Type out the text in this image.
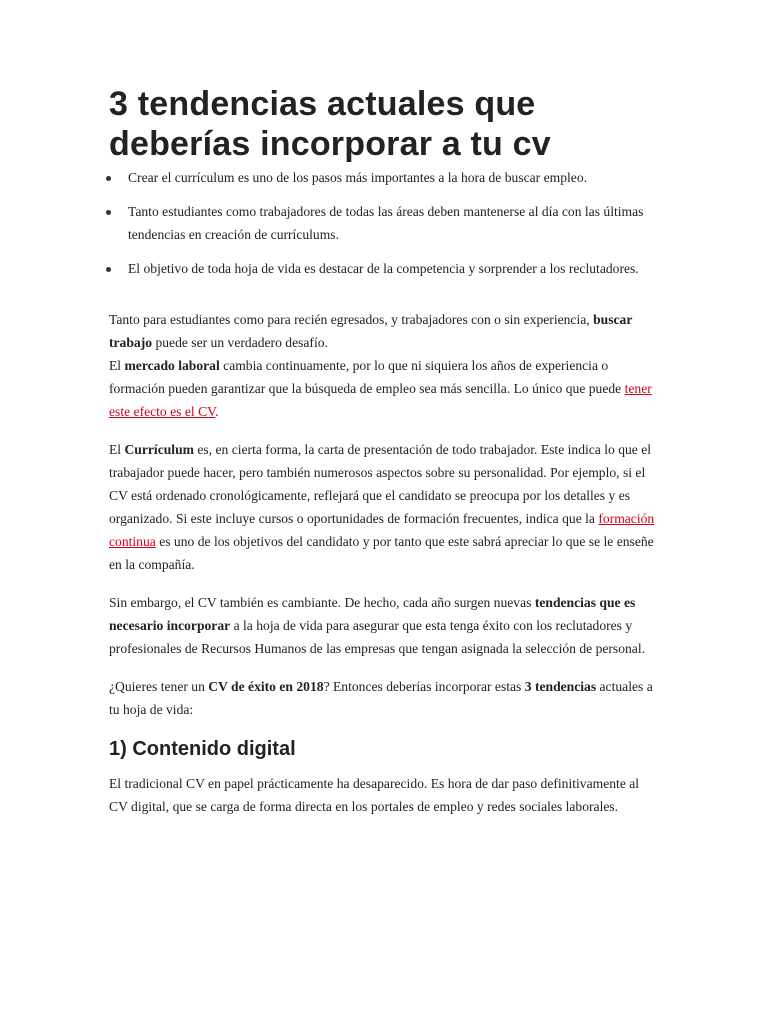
3 tendencias actuales que deberías incorporar a tu cv
Crear el currículum es uno de los pasos más importantes a la hora de buscar empleo.
Tanto estudiantes como trabajadores de todas las áreas deben mantenerse al día con las últimas tendencias en creación de currículums.
El objetivo de toda hoja de vida es destacar de la competencia y sorprender a los reclutadores.

Tanto para estudiantes como para recién egresados, y trabajadores con o sin experiencia, buscar trabajo puede ser un verdadero desafío.
El mercado laboral cambia continuamente, por lo que ni siquiera los años de experiencia o formación pueden garantizar que la búsqueda de empleo sea más sencilla. Lo único que puede tener este efecto es el CV.

El Currículum es, en cierta forma, la carta de presentación de todo trabajador. Este indica lo que el trabajador puede hacer, pero también numerosos aspectos sobre su personalidad. Por ejemplo, si el CV está ordenado cronológicamente, reflejará que el candidato se preocupa por los detalles y es organizado. Si este incluye cursos o oportunidades de formación frecuentes, indica que la formación continua es uno de los objetivos del candidato y por tanto que este sabrá apreciar lo que se le enseñe en la compañía.

Sin embargo, el CV también es cambiante. De hecho, cada año surgen nuevas tendencias que es necesario incorporar a la hoja de vida para asegurar que esta tenga éxito con los reclutadores y profesionales de Recursos Humanos de las empresas que tengan asignada la selección de personal.

¿Quieres tener un CV de éxito en 2018? Entonces deberías incorporar estas 3 tendencias actuales a tu hoja de vida:

1) Contenido digital

El tradicional CV en papel prácticamente ha desaparecido. Es hora de dar paso definitivamente al CV digital, que se carga de forma directa en los portales de empleo y redes sociales laborales.
